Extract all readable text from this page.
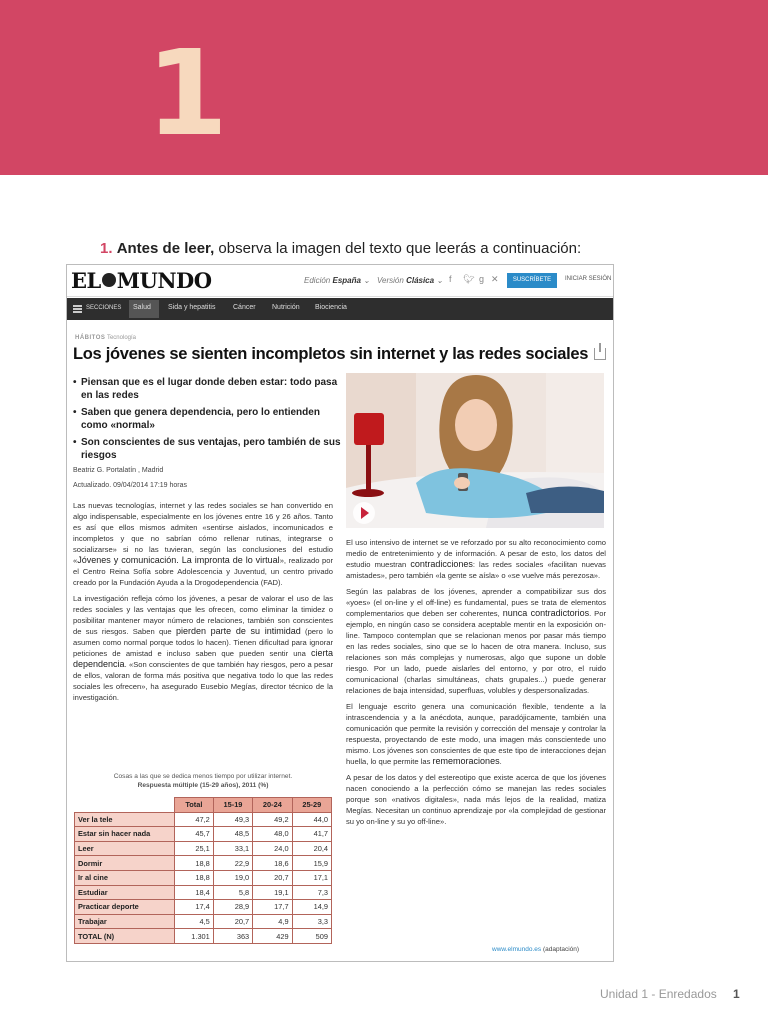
1
1. Antes de leer, observa la imagen del texto que leerás a continuación:
EL MUNDO	Edición España ⌄ Versión Clásica ⌄ f 🐦︎ g ✕	SUSCRÍBETE	INICIAR SESIÓN
SECCIONES Salud Sida y hepatitis	Cáncer Nutrición Biociencia
HÁBITOS Tecnología
Los jóvenes se sienten incompletos sin internet y las redes sociales
• Piensan que es el lugar donde deben estar: todo pasa en las redes
• Saben que genera dependencia, pero lo entienden como «normal»
• Son conscientes de sus ventajas, pero también de sus riesgos
Beatriz G. Portalatín , Madrid
Actualizado. 09/04/2014 17:19 horas

Las nuevas tecnologías, internet y las redes sociales se han convertido en algo indispensable, especialmente en los jóvenes entre 16 y 26 años. Tanto es así que ellos mismos admiten «sentirse aislados, incomunicados e incompletos y que no sabrían cómo rellenar rutinas, integrarse o socializarse» si no las tuvieran, según las conclusiones del estudio «Jóvenes y comunicación. La impronta de lo virtual», realizado por el Centro Reina Sofía sobre Adolescencia y Juventud, un centro privado creado por la Fundación Ayuda a la Drogodependencia (FAD).

La investigación refleja cómo los jóvenes, a pesar de valorar el uso de las redes sociales y las ventajas que les ofrecen, como eliminar la timidez o posibilitar mantener mayor número de relaciones, también son conscientes de sus riesgos. Saben que pierden parte de su intimidad (pero lo asumen como normal porque todos lo hacen). Tienen dificultad para ignorar peticiones de amistad e incluso saben que pueden sentir una cierta dependencia. «Son conscientes de que también hay riesgos, pero a pesar de ellos, valoran de forma más positiva que negativa todo lo que las redes sociales les ofrecen», ha asegurado Eusebio Megías, director técnico de la investigación.

El uso intensivo de internet se ve reforzado por su alto reconocimiento como medio de entretenimiento y de información. A pesar de esto, los datos del estudio muestran contradicciones: las redes sociales «facilitan nuevas amistades», pero también «la gente se aísla» o «se vuelve más perezosa».

Según las palabras de los jóvenes, aprender a compatibilizar sus dos «yoes» (el on-line y el off-line) es fundamental, pues se trata de elementos complementarios que deben ser coherentes, nunca contradictorios. Por ejemplo, en ningún caso se considera aceptable mentir en la exposición on-line. Tampoco contemplan que se relacionan menos por pasar más tiempo en las redes sociales, sino que se lo hacen de otra manera. Incluso, sus relaciones son más complejas y numerosas, algo que supone un doble riesgo. Por un lado, puede aislarles del entorno, y por otro, el ruido comunicacional (charlas simultáneas, chats grupales...) puede generar relaciones de baja intensidad, superfluas, volubles y despersonalizadas.

El lenguaje escrito genera una comunicación flexible, tendente a la intrascendencia y a la anécdota, aunque, paradójicamente, también una comunicación que permite la revisión y corrección del mensaje y controlar la respuesta, proyectando de este modo, una imagen más conscientede uno mismo. Los jóvenes son conscientes de que este tipo de interacciones dejan huella, lo que permite las rememoraciones.

A pesar de los datos y del estereotipo que existe acerca de que los jóvenes nacen conociendo a la perfección cómo se manejan las redes sociales porque son «nativos digitales», nada más lejos de la realidad, matiza Megías. Necesitan un continuo aprendizaje por «la complejidad de gestionar su yo on-line y su yo off-line».

Cosas a las que se dedica menos tiempo por utilizar internet.
Respuesta múltiple (15-29 años), 2011 (%)
	Total	15-19	20-24	25-29
Ver la tele	47,2	49,3	49,2	44,0
Estar sin hacer nada	45,7	48,5	48,0	41,7
Leer	25,1	33,1	24,0	20,4
Dormir	18,8	22,9	18,6	15,9
Ir al cine	18,8	19,0	20,7	17,1
Estudiar	18,4	5,8	19,1	7,3
Practicar deporte	17,4	28,9	17,7	14,9
Trabajar	4,5	20,7	4,9	3,3
TOTAL (N)	1.301	363	429	509
www.elmundo.es (adaptación)
Unidad 1 - Enredados 1
